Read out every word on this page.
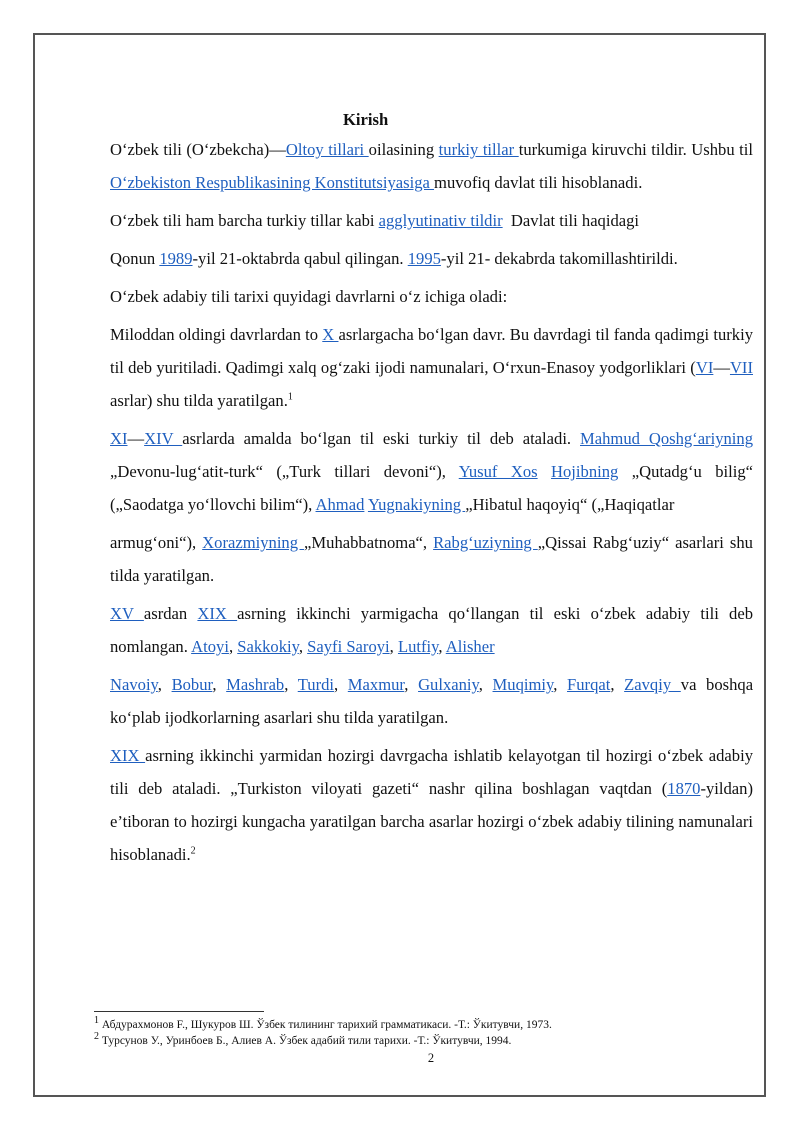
Kirish

O‘zbek tili (O‘zbekcha)—Oltoy tillari oilasining turkiy tillar turkumiga kiruvchi tildir. Ushbu til O‘zbekiston Respublikasining Konstitutsiyasiga muvofiq davlat tili hisoblanadi.

O‘zbek tili ham barcha turkiy tillar kabi agglyutinativ tildir  Davlat tili haqidagi

Qonun 1989-yil 21-oktabrda qabul qilingan. 1995-yil 21- dekabrda takomillashtirildi.

O‘zbek adabiy tili tarixi quyidagi davrlarni o‘z ichiga oladi:

Miloddan oldingi davrlardan to X asrlargacha bo‘lgan davr. Bu davrdagi til fanda qadimgi turkiy til deb yuritiladi. Qadimgi xalq og‘zaki ijodi namunalari, O‘rxun-Enasoy yodgorliklari (VI—VII asrlar) shu tilda yaratilgan.$^1$

XI—XIV asrlarda amalda bo‘lgan til eski turkiy til deb ataladi. Mahmud Qoshg‘ariyning „Devonu-lug‘atit-turk“ („Turk tillari devoni“), Yusuf Xos Hojibning „Qutadg‘u bilig“ („Saodatga yo‘llovchi bilim“), Ahmad Yugnakiyning „Hibatul haqoyiq“ („Haqiqatlar

armug‘oni“), Xorazmiyning „Muhabbatnoma“, Rabg‘uziyning „Qissai Rabg‘uziy“ asarlari shu tilda yaratilgan.

XV asrdan XIX asrning ikkinchi yarmigacha qo‘llangan til eski o‘zbek adabiy tili deb nomlangan. Atoyi, Sakkokiy, Sayfi Saroyi, Lutfiy, Alisher

Navoiy, Bobur, Mashrab, Turdi, Maxmur, Gulxaniy, Muqimiy, Furqat, Zavqiy va boshqa ko‘plab ijodkorlarning asarlari shu tilda yaratilgan.

XIX asrning ikkinchi yarmidan hozirgi davrgacha ishlatib kelayotgan til hozirgi o‘zbek adabiy tili deb ataladi. „Turkiston viloyati gazeti“ nashr qilina boshlagan vaqtdan (1870-yildan) e’tiboran to hozirgi kungacha yaratilgan barcha asarlar hozirgi o‘zbek adabiy tilining namunalari hisoblanadi.$^2$

$^1$ Абдурахмонов F., Шукуров Ш. Ўзбек тилининг тарихий грамматикаси. -Т.: Ўкитувчи, 1973.
$^2$ Турсунов У., Уринбоев Б., Алиев А. Ўзбек адабий тили тарихи. -Т.: Ўкитувчи, 1994.
2
